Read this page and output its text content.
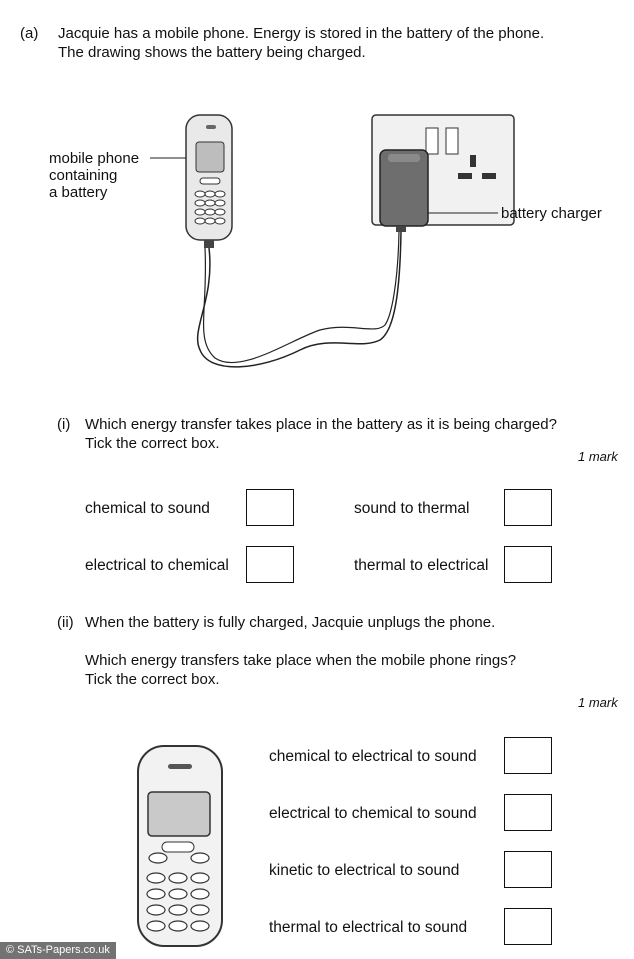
(a) Jacquie has a mobile phone. Energy is stored in the battery of the phone.
The drawing shows the battery being charged.
mobile phone
containing
a battery
battery charger
(i) Which energy transfer takes place in the battery as it is being charged?
Tick the correct box.
1 mark
chemical to sound	sound to thermal
electrical to chemical	thermal to electrical
(ii) When the battery is fully charged, Jacquie unplugs the phone.
Which energy transfers take place when the mobile phone rings?
Tick the correct box.
1 mark
chemical to electrical to sound
electrical to chemical to sound
kinetic to electrical to sound
thermal to electrical to sound
© SATs-Papers.co.uk
